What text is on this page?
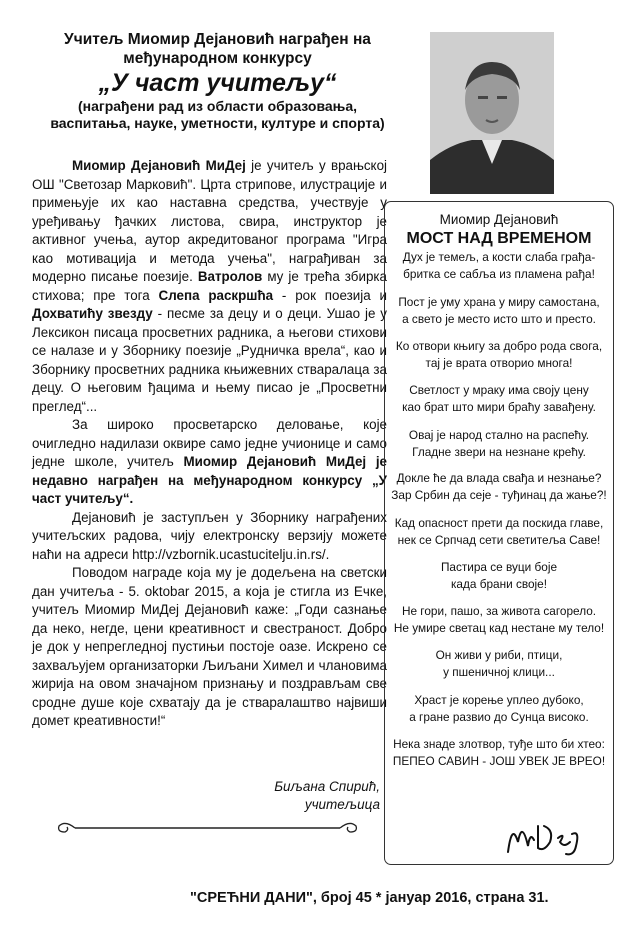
Учитељ Миомир Дејановић награђен на
међународном конкурсу
„У част учитељу“
(награђени рад из области образовања,
васпитања, науке, уметности, културе и спорта)

Миомир Дејановић МиДеј је учитељ у врањској ОШ "Светозар Марковић". Црта стрипове, илустрације и примењује их као наставна средства, учествује у уређивању ђачких листова, свира, инструктор је активног учења, аутор акредитованог програма "Игра као мотивација и метода учења", награђиван за модерно писање поезије. Ватролов му је трећа збирка стихова; пре тога Слепа раскршћа - рок поезија и Дохватићу звезду - песме за децу и о деци. Ушао је у Лексикон писаца просветних радника, а његови стихови се налазе и у Зборнику поезије „Рудничка врела“, као и Зборнику просветних радника књижевних стваралаца за децу. О његовим ђацима и њему писао је „Просветни преглед“...

За широко просветарско деловање, које очигледно надилази оквире само једне учионице и само једне школе, учитељ Миомир Дејановић МиДеј је недавно награђен на међународном конкурсу „У част учитељу“.

Дејановић је заступљен у Зборнику награђених учитељских радова, чију електронску верзију можете наћи на адреси http://vzbornik.ucastucitelju.in.rs/.

Поводом награде која му је додељена на светски дан учитеља - 5. oktobar 2015, а која је стигла из Ечке, учитељ Миомир МиДеј Дејановић каже: „Годи сазнање да неко, негде, цени креативност и свестраност. Добро је док у непрегледној пустињи постоје оазе. Искрено се захваљујем организаторки Љиљани Химел и члановима жирија на овом значајном признању и поздрављам све сродне душе које схватају да је стваралаштво највиши домет креативности!“

Биљана Спирић,
учитељица
Миомир Дејановић
МОСТ НАД ВРЕМЕНОМ
Дух је темељ, а кости слаба грађа-
бритка се сабља из пламена рађа!
Пост је уму храна у миру самостана,
а свето је место исто што и престо.
Ко отвори књигу за добро рода свога,
тај је врата отворио многа!
Светлост у мраку има своју цену
као брат што мири браћу завађену.
Овај је народ стално на распећу.
Гладне звери на незнане крећу.
Докле ће да влада свађа и незнање?
Зар Србин да сеје - туђинац да жање?!
Кад опасност прети да поскида главе,
нек се Српчад сети светитеља Саве!
Пастира се вуци боје
када брани своје!
Не гори, пашо, за живота сагорело.
Не умире светац кад нестане му тело!
Он живи у риби, птици,
у пшеничној клици...
Храст је корење уплео дубоко,
а гране развио до Сунца високо.
Нека знаде злотвор, туђе што би хтео:
ПЕПЕО САВИН - ЈОШ УВЕК ЈЕ ВРЕО!
"СРЕЋНИ ДАНИ", број 45 * јануар 2016, страна 31.
